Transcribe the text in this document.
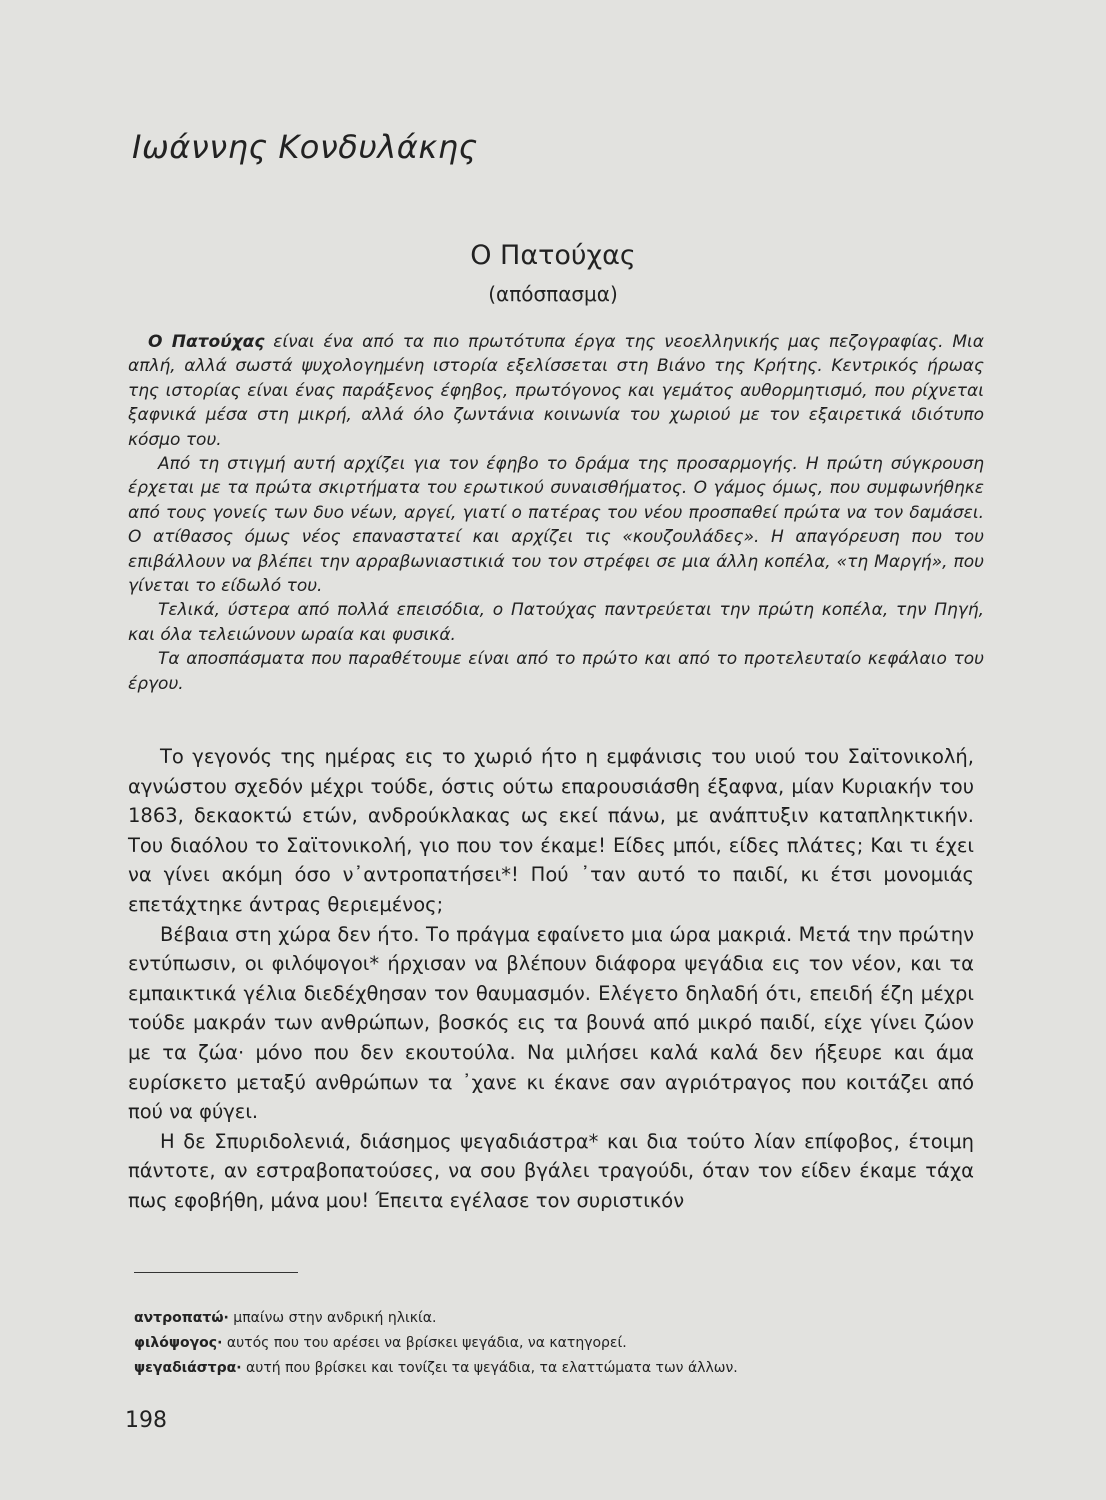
Ιωάννης Κονδυλάκης
Ο Πατούχας
(απόσπασμα)

Ο Πατούχας είναι ένα από τα πιο πρωτότυπα έργα της νεοελληνικής μας πεζογραφίας. Μια απλή, αλλά σωστά ψυχολογημένη ιστορία εξελίσσεται στη Βιάνο της Κρήτης. Κεντρικός ήρωας της ιστορίας είναι ένας παράξενος έφηβος, πρωτόγονος και γεμάτος αυθορμητισμό, που ρίχνεται ξαφνικά μέσα στη μικρή, αλλά όλο ζωντάνια κοινωνία του χωριού με τον εξαιρετικά ιδιότυπο κόσμο του.

Από τη στιγμή αυτή αρχίζει για τον έφηβο το δράμα της προσαρμογής. Η πρώτη σύγκρουση έρχεται με τα πρώτα σκιρτήματα του ερωτικού συναισθήματος. Ο γάμος όμως, που συμφωνήθηκε από τους γονείς των δυο νέων, αργεί, γιατί ο πατέρας του νέου προσπαθεί πρώτα να τον δαμάσει. Ο ατίθασος όμως νέος επαναστατεί και αρχίζει τις «κουζουλάδες». Η απαγόρευση που του επιβάλλουν να βλέπει την αρραβωνιαστικιά του τον στρέφει σε μια άλλη κοπέλα, «τη Μαργή», που γίνεται το είδωλό του.

Τελικά, ύστερα από πολλά επεισόδια, ο Πατούχας παντρεύεται την πρώτη κοπέλα, την Πηγή, και όλα τελειώνουν ωραία και φυσικά.

Τα αποσπάσματα που παραθέτουμε είναι από το πρώτο και από το προτελευταίο κεφάλαιο του έργου.

Το γεγονός της ημέρας εις το χωριό ήτο η εμφάνισις του υιού του Σαϊτονικολή, αγνώστου σχεδόν μέχρι τούδε, όστις ούτω επαρουσιάσθη έξαφνα, μίαν Κυριακήν του 1863, δεκαοκτώ ετών, ανδρούκλακας ως εκεί πάνω, με ανάπτυξιν καταπληκτικήν. Του διαόλου το Σαϊτονικολή, γιο που τον έκαμε! Είδες μπόι, είδες πλάτες; Και τι έχει να γίνει ακόμη όσο ν᾿αντροπατήσει*! Πού ᾿ταν αυτό το παιδί, κι έτσι μονομιάς επετάχτηκε άντρας θεριεμένος;

Βέβαια στη χώρα δεν ήτο. Το πράγμα εφαίνετο μια ώρα μακριά. Μετά την πρώτην εντύπωσιν, οι φιλόψογοι* ήρχισαν να βλέπουν διάφορα ψεγάδια εις τον νέον, και τα εμπαικτικά γέλια διεδέχθησαν τον θαυμασμόν. Ελέγετο δηλαδή ότι, επειδή έζη μέχρι τούδε μακράν των ανθρώπων, βοσκός εις τα βουνά από μικρό παιδί, είχε γίνει ζώον με τα ζώα· μόνο που δεν εκουτούλα. Να μιλήσει καλά καλά δεν ήξευρε και άμα ευρίσκετο μεταξύ ανθρώπων τα ᾿χανε κι έκανε σαν αγριότραγος που κοιτάζει από πού να φύγει.

Η δε Σπυριδολενιά, διάσημος ψεγαδιάστρα* και δια τούτο λίαν επίφοβος, έτοιμη πάντοτε, αν εστραβοπατούσες, να σου βγάλει τραγούδι, όταν τον είδεν έκαμε τάχα πως εφοβήθη, μάνα μου! Έπειτα εγέλασε τον συριστικόν

αντροπατώ· μπαίνω στην ανδρική ηλικία.
φιλόψογος· αυτός που του αρέσει να βρίσκει ψεγάδια, να κατηγορεί.
ψεγαδιάστρα· αυτή που βρίσκει και τονίζει τα ψεγάδια, τα ελαττώματα των άλλων.
198
